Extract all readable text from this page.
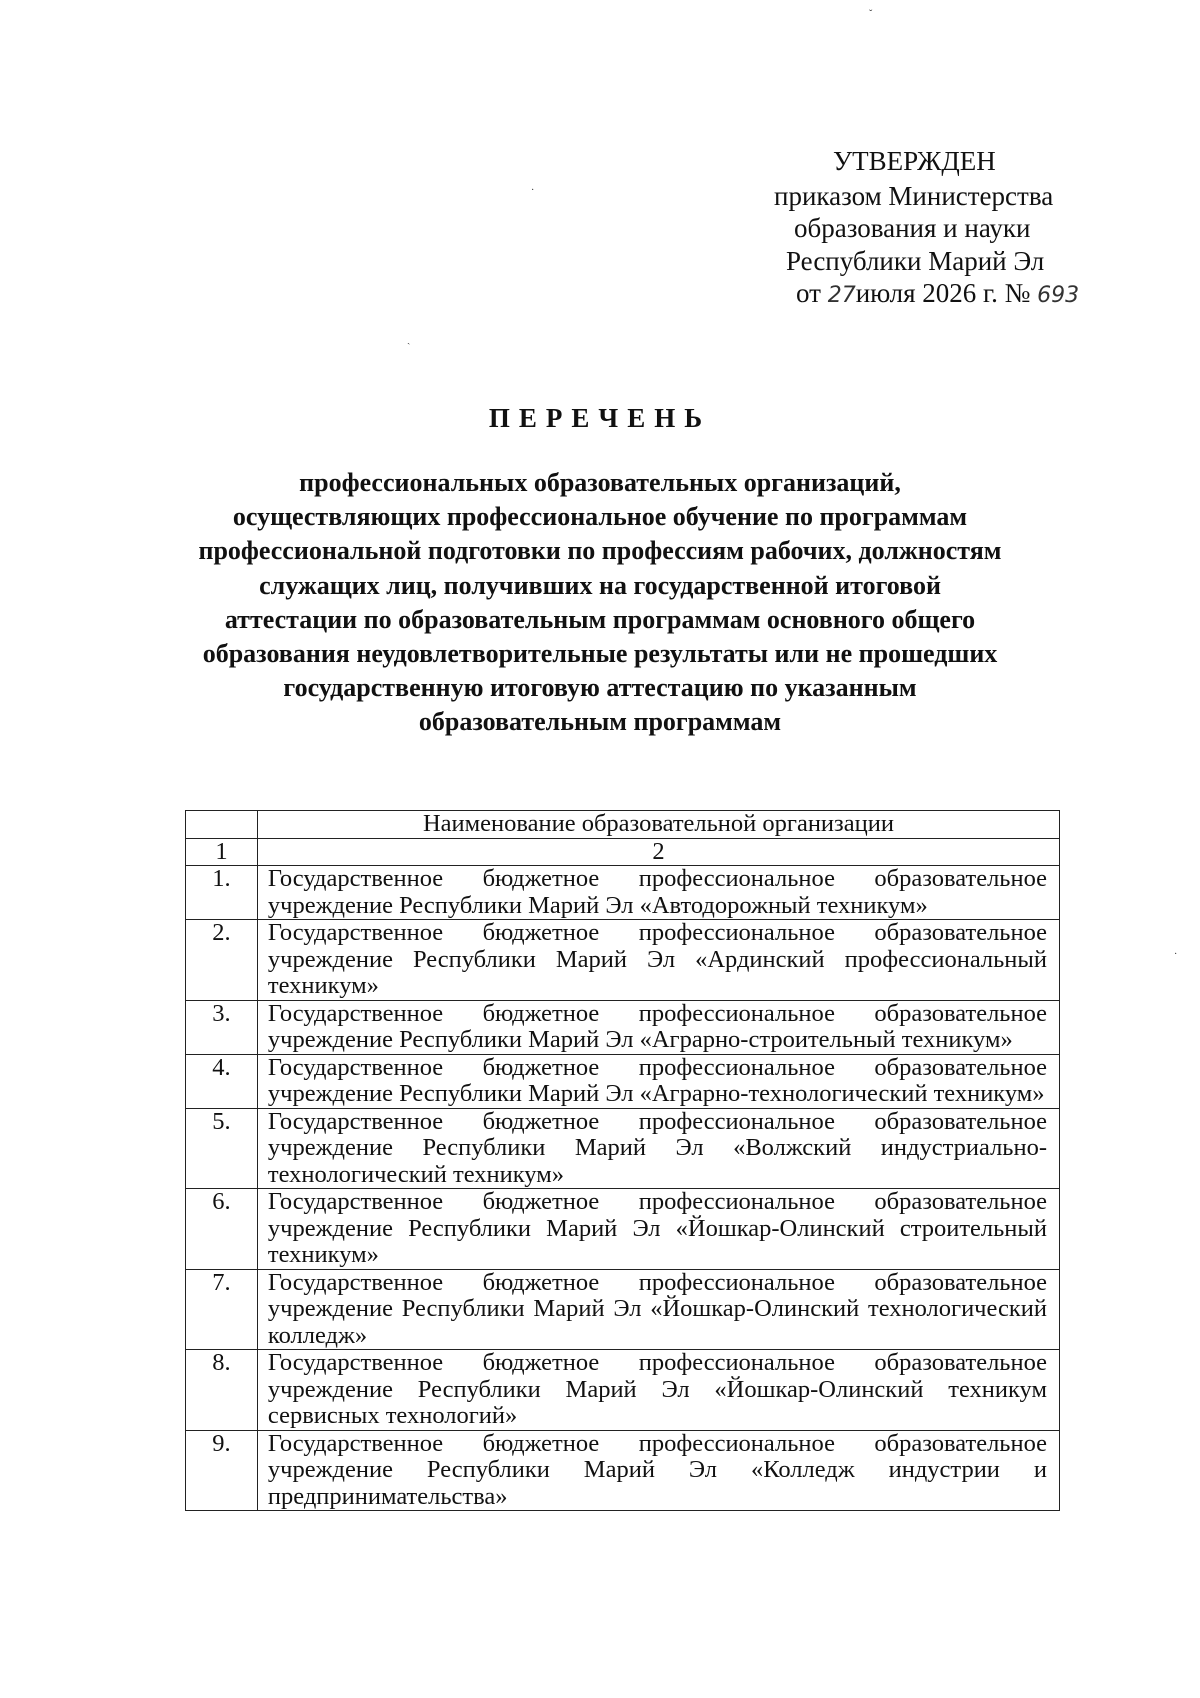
ˇ
·
ˏ
·
УТВЕРЖДЕН
приказом Министерства
образования и науки
Республики Марий Эл
от 27июля 2026 г. № 693
ПЕРЕЧЕНЬ
профессиональных образовательных организаций,
осуществляющих профессиональное обучение по программам
профессиональной подготовки по профессиям рабочих, должностям
служащих лиц, получивших на государственной итоговой
аттестации по образовательным программам основного общего
образования неудовлетворительные результаты или не прошедших
государственную итоговую аттестацию по указанным
образовательным программам
	Наименование образовательной организации
1	2
1.	Государственное бюджетное профессиональное образовательное учреждение Республики Марий Эл «Автодорожный техникум»
2.	Государственное бюджетное профессиональное образовательное учреждение Республики Марий Эл «Ардинский профессиональный техникум»
3.	Государственное бюджетное профессиональное образовательное учреждение Республики Марий Эл «Аграрно-строительный техникум»
4.	Государственное бюджетное профессиональное образовательное учреждение Республики Марий Эл «Аграрно-технологический техникум»
5.	Государственное бюджетное профессиональное образовательное учреждение Республики Марий Эл «Волжский индустриально-технологический техникум»
6.	Государственное бюджетное профессиональное образовательное учреждение Республики Марий Эл «Йошкар-Олинский строительный техникум»
7.	Государственное бюджетное профессиональное образовательное учреждение Республики Марий Эл «Йошкар-Олинский технологический колледж»
8.	Государственное бюджетное профессиональное образовательное учреждение Республики Марий Эл «Йошкар-Олинский техникум сервисных технологий»
9.	Государственное бюджетное профессиональное образовательное учреждение Республики Марий Эл «Колледж индустрии и предпринимательства»
